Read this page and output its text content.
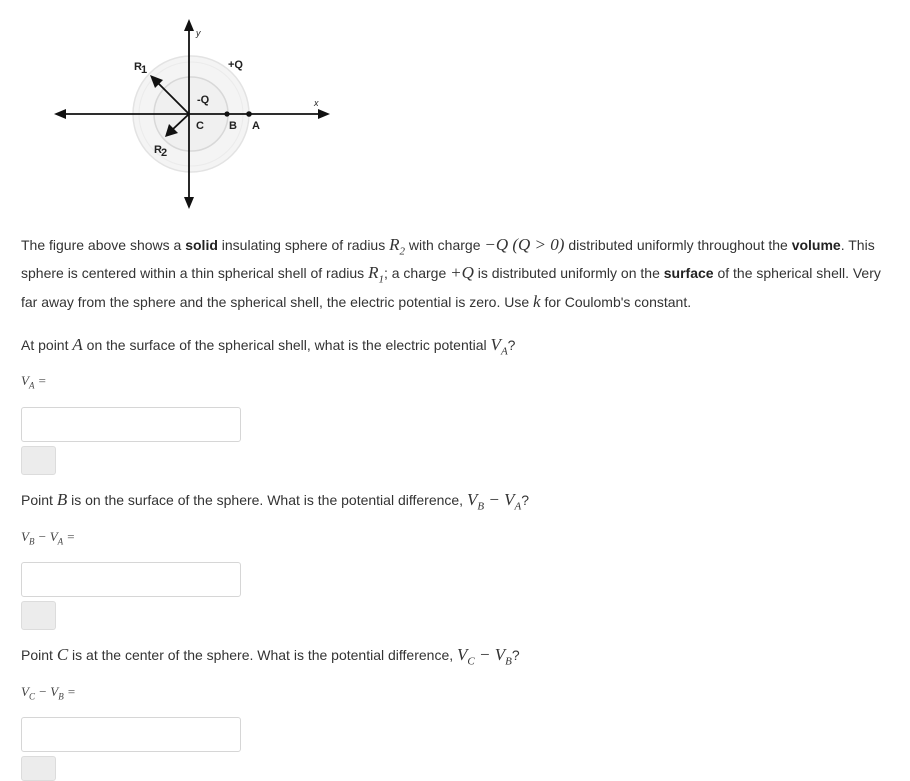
y
x
+Q
-Q
R 1
R 2
C B A
The figure above shows a solid insulating sphere of radius $R_2$ with charge −Q (Q > 0) distributed uniformly throughout the volume. This sphere is centered within a thin spherical shell of radius $R_1$; a charge +Q is distributed uniformly on the surface of the spherical shell. Very far away from the sphere and the spherical shell, the electric potential is zero. Use k for Coulomb's constant.
At point A on the surface of the spherical shell, what is the electric potential $V_A$?
$V_A$ =
Point B is on the surface of the sphere. What is the potential difference, $V_B - V_A$?
$V_B - V_A$ =
Point C is at the center of the sphere. What is the potential difference, $V_C - V_B$?
$V_C - V_B$ =
